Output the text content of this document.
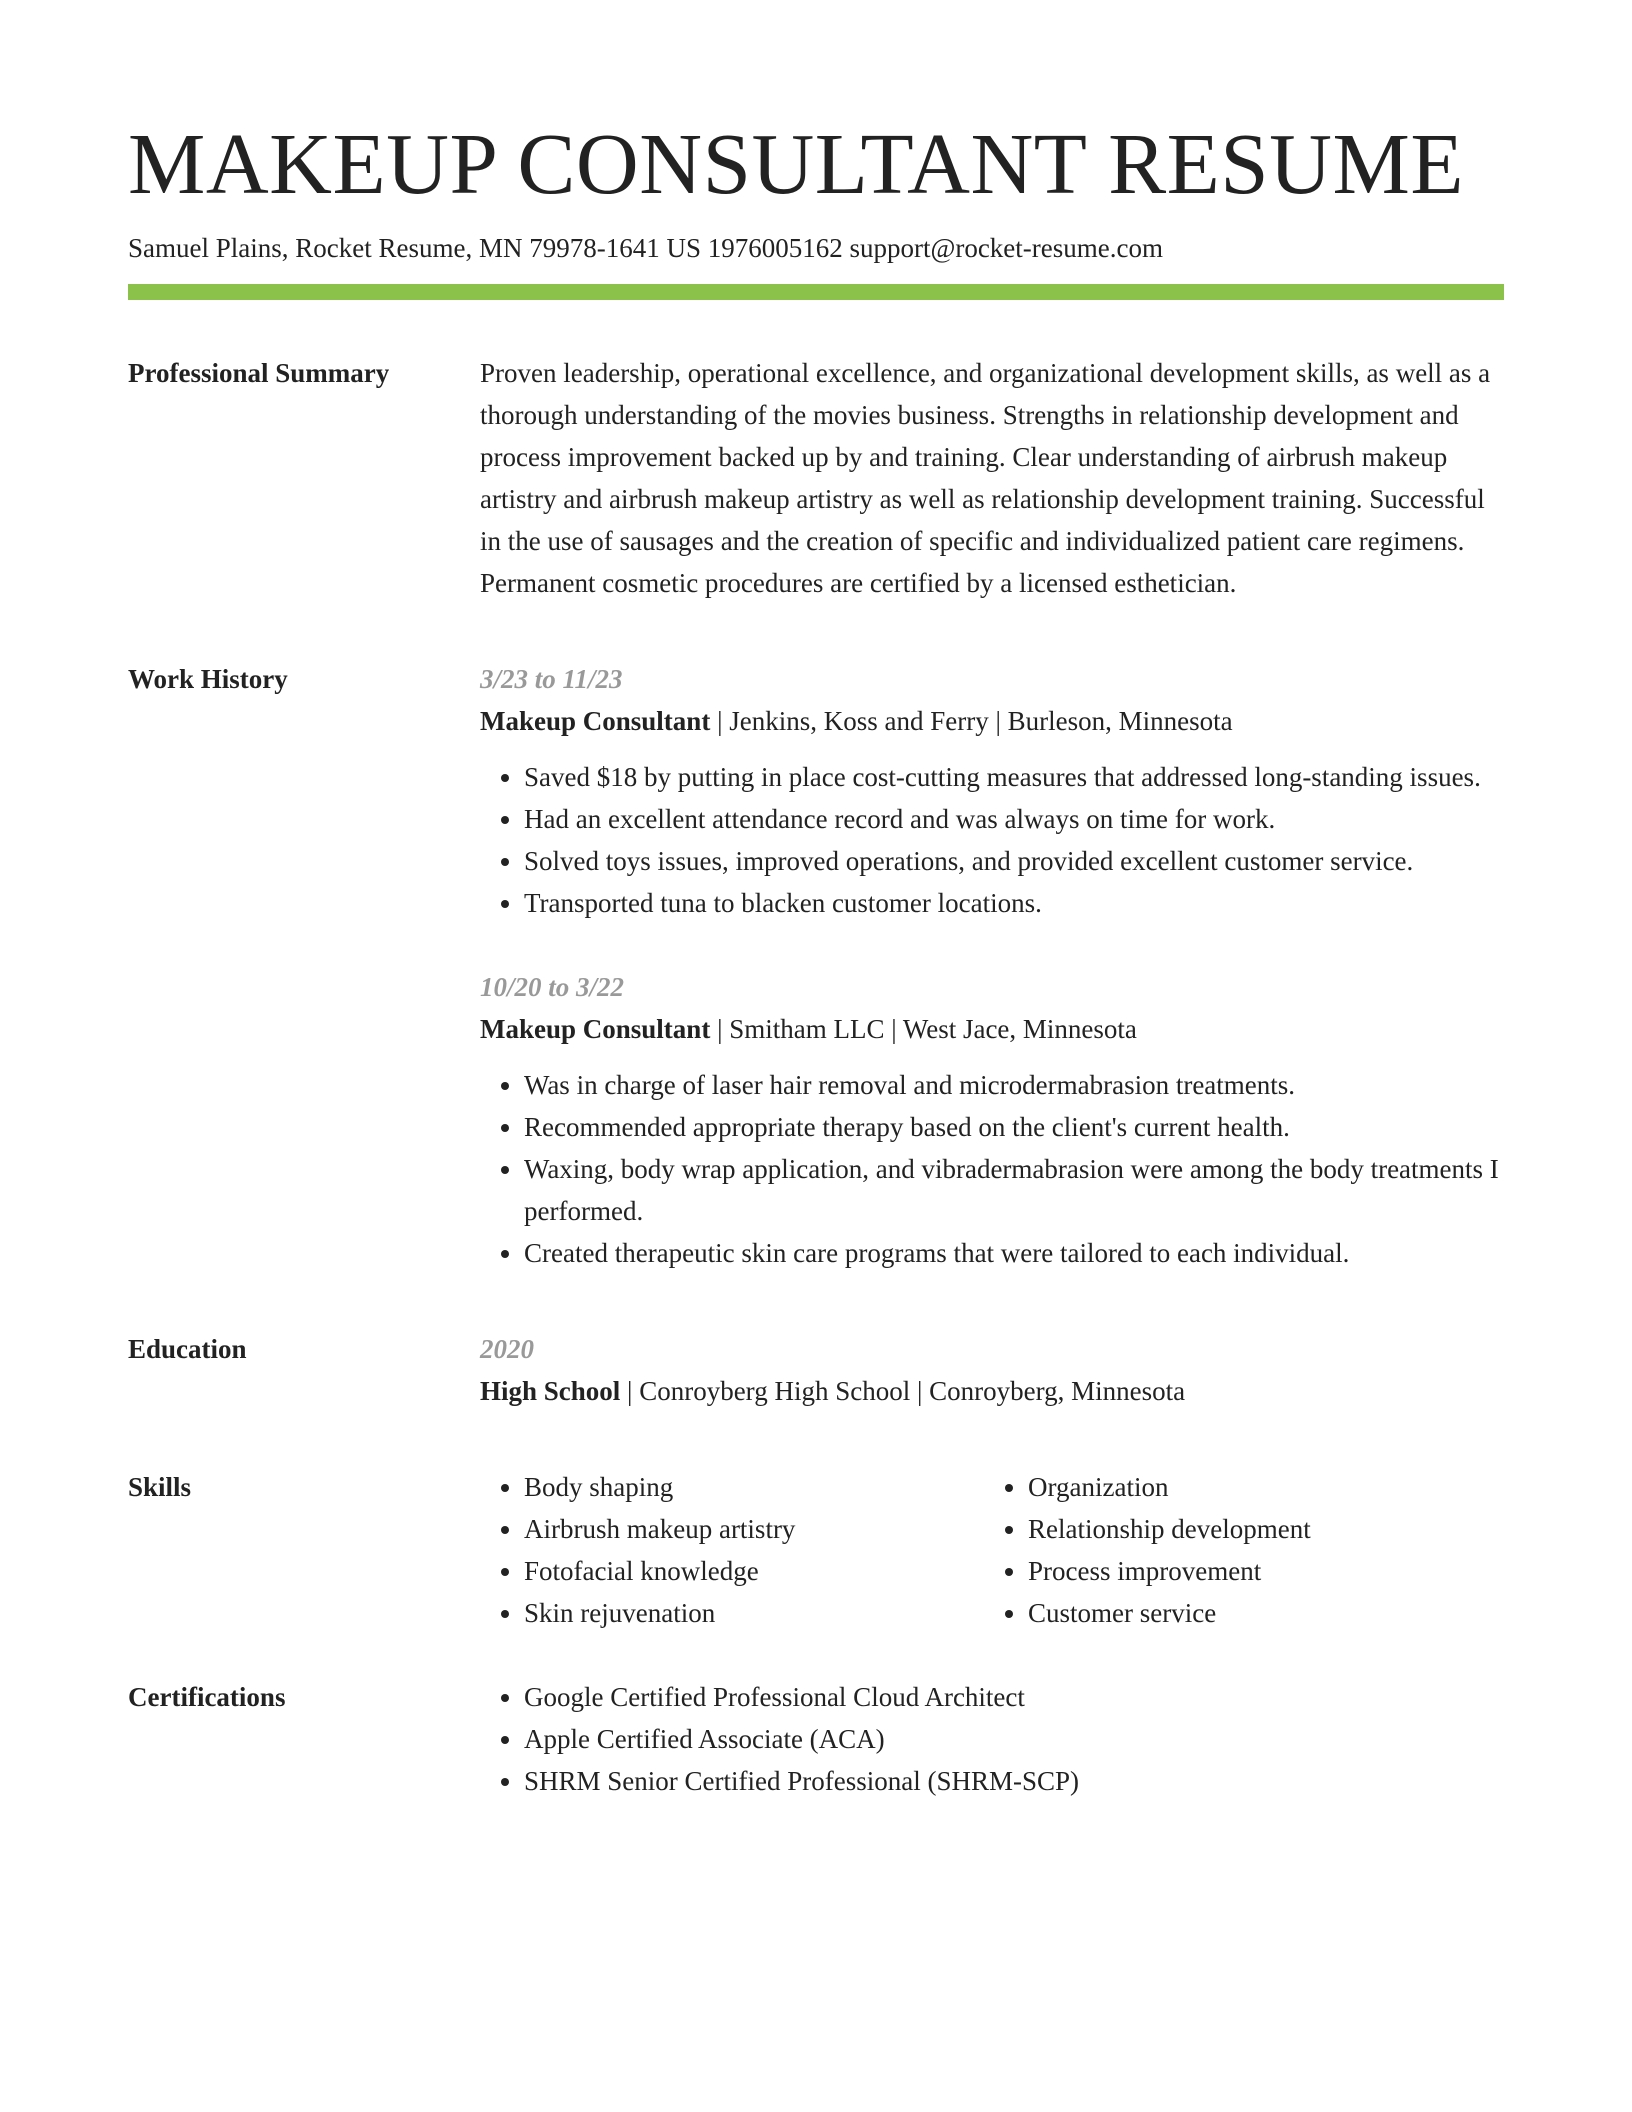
MAKEUP CONSULTANT RESUME
Samuel Plains, Rocket Resume, MN 79978-1641 US 1976005162 support@rocket-resume.com
Professional Summary	Proven leadership, operational excellence, and organizational development skills, as well as a thorough understanding of the movies business. Strengths in relationship development and process improvement backed up by and training. Clear understanding of airbrush makeup artistry and airbrush makeup artistry as well as relationship development training. Successful in the use of sausages and the creation of specific and individualized patient care regimens. Permanent cosmetic procedures are certified by a licensed esthetician.

Work History	3/23 to 11/23
Makeup Consultant | Jenkins, Koss and Ferry | Burleson, Minnesota
• Saved $18 by putting in place cost-cutting measures that addressed long-standing issues.
• Had an excellent attendance record and was always on time for work.
• Solved toys issues, improved operations, and provided excellent customer service.
• Transported tuna to blacken customer locations.
10/20 to 3/22
Makeup Consultant | Smitham LLC | West Jace, Minnesota
• Was in charge of laser hair removal and microdermabrasion treatments.
• Recommended appropriate therapy based on the client's current health.
• Waxing, body wrap application, and vibradermabrasion were among the body treatments I performed.
• Created therapeutic skin care programs that were tailored to each individual.
Education	2020
High School | Conroyberg High School | Conroyberg, Minnesota
Skills	• Body shaping
• Airbrush makeup artistry
• Fotofacial knowledge
• Skin rejuvenation
• Organization
• Relationship development
• Process improvement
• Customer service
Certifications	• Google Certified Professional Cloud Architect
• Apple Certified Associate (ACA)
• SHRM Senior Certified Professional (SHRM-SCP)
